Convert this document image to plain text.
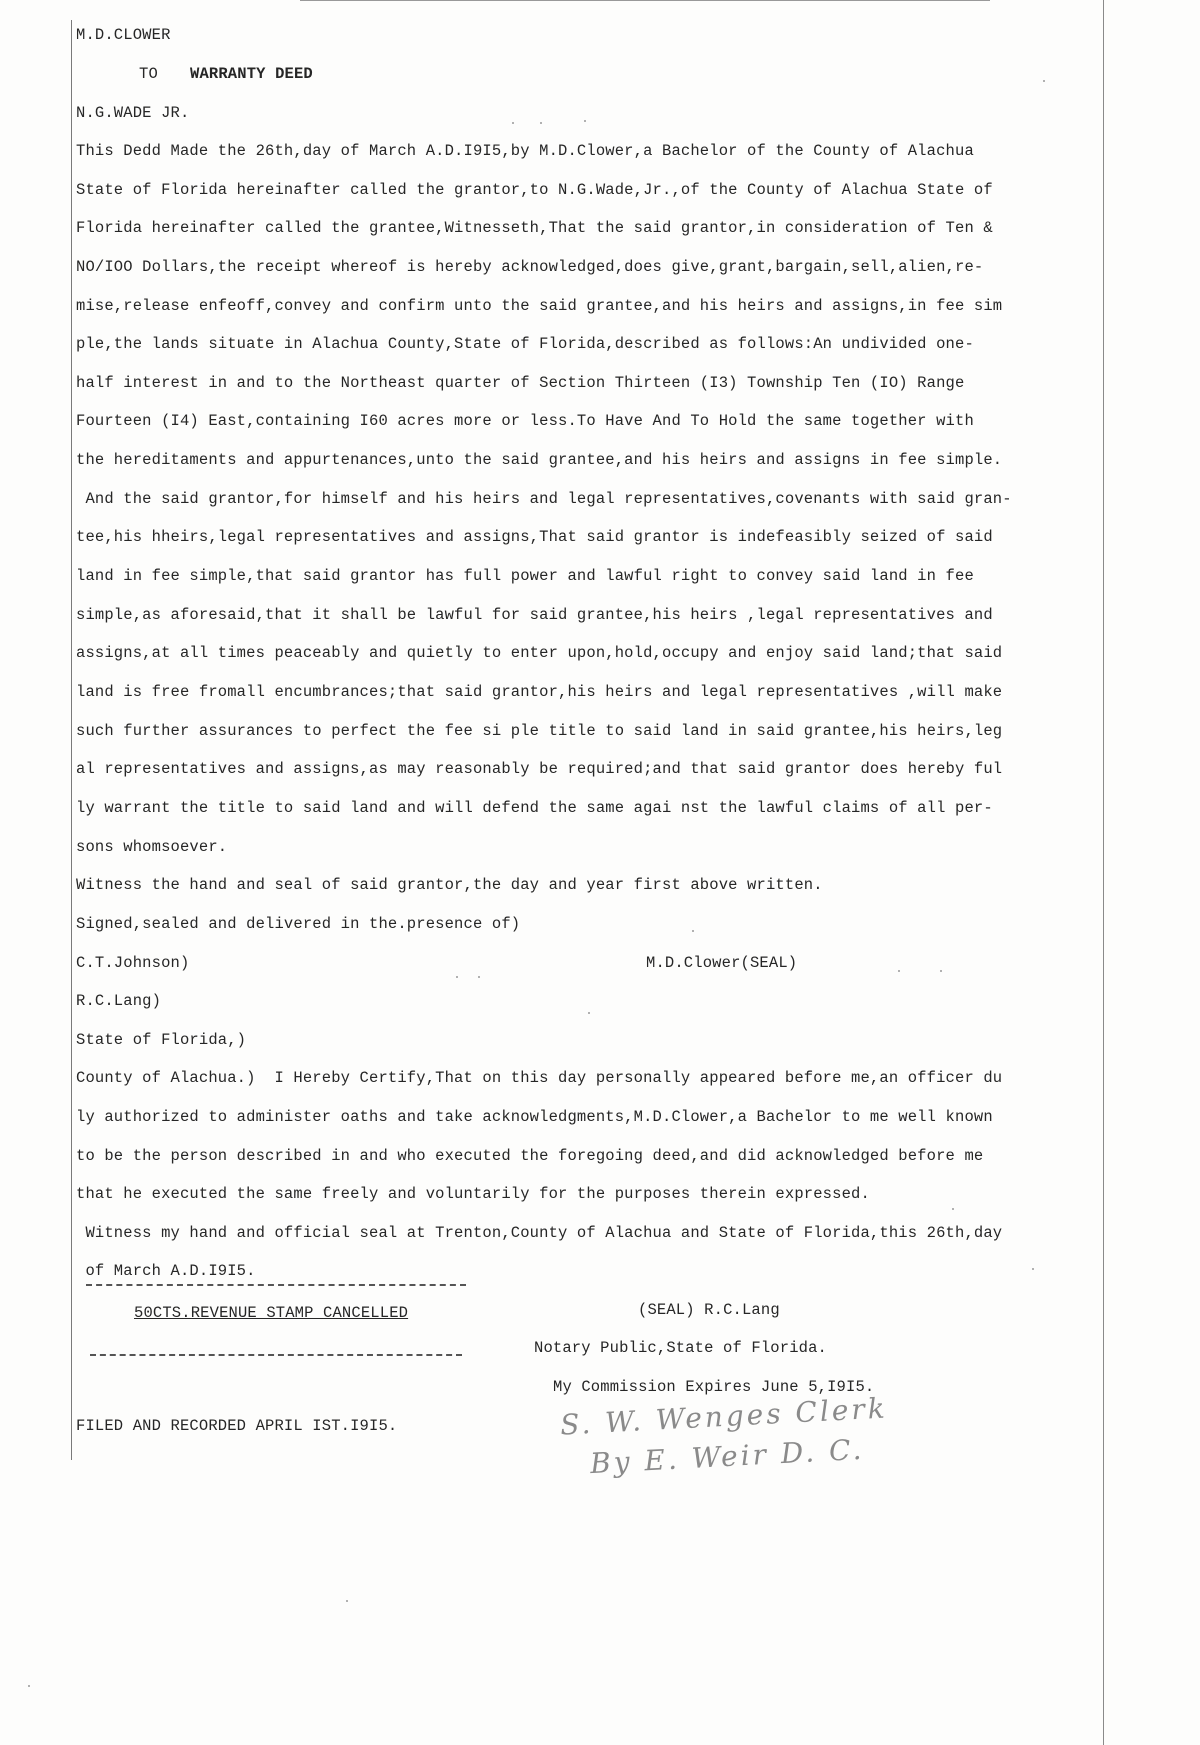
M.D.CLOWER

TO WARRANTY DEED

N.G.WADE JR.

This Dedd Made the 26th,day of March A.D.I9I5,by M.D.Clower,a Bachelor of the County of Alachua

State of Florida hereinafter called the grantor,to N.G.Wade,Jr.,of the County of Alachua State of

Florida hereinafter called the grantee,Witnesseth,That the said grantor,in consideration of Ten &

NO/IOO Dollars,the receipt whereof is hereby acknowledged,does give,grant,bargain,sell,alien,re-

mise,release enfeoff,convey and confirm unto the said grantee,and his heirs and assigns,in fee sim

ple,the lands situate in Alachua County,State of Florida,described as follows:An undivided one-

half interest in and to the Northeast quarter of Section Thirteen (I3) Township Ten (IO) Range

Fourteen (I4) East,containing I60 acres more or less.To Have And To Hold the same together with

the hereditaments and appurtenances,unto the said grantee,and his heirs and assigns in fee simple.

And the said grantor,for himself and his heirs and legal representatives,covenants with said gran-

tee,his hheirs,legal representatives and assigns,That said grantor is indefeasibly seized of said

land in fee simple,that said grantor has full power and lawful right to convey said land in fee

simple,as aforesaid,that it shall be lawful for said grantee,his heirs ,legal representatives and

assigns,at all times peaceably and quietly to enter upon,hold,occupy and enjoy said land;that said

land is free fromall encumbrances;that said grantor,his heirs and legal representatives ,will make

such further assurances to perfect the fee si ple title to said land in said grantee,his heirs,leg

al representatives and assigns,as may reasonably be required;and that said grantor does hereby ful

ly warrant the title to said land and will defend the same agai nst the lawful claims of all per-

sons whomsoever.

Witness the hand and seal of said grantor,the day and year first above written.

Signed,sealed and delivered in the.presence of)

C.T.Johnson)	M.D.Clower(SEAL)

R.C.Lang)

State of Florida,)

County of Alachua.)  I Hereby Certify,That on this day personally appeared before me,an officer du

ly authorized to administer oaths and take acknowledgments,M.D.Clower,a Bachelor to me well known

to be the person described in and who executed the foregoing deed,and did acknowledged before me

that he executed the same freely and voluntarily for the purposes therein expressed.

Witness my hand and official seal at Trenton,County of Alachua and State of Florida,this 26th,day

of March A.D.I9I5.

50CTS.REVENUE STAMP CANCELLED	(SEAL) R.C.Lang

Notary Public,State of Florida.

My Commission Expires June 5,I9I5.

FILED AND RECORDED APRIL IST.I9I5.	S. W. Wenges Clerk

By E. Weir D. C.
